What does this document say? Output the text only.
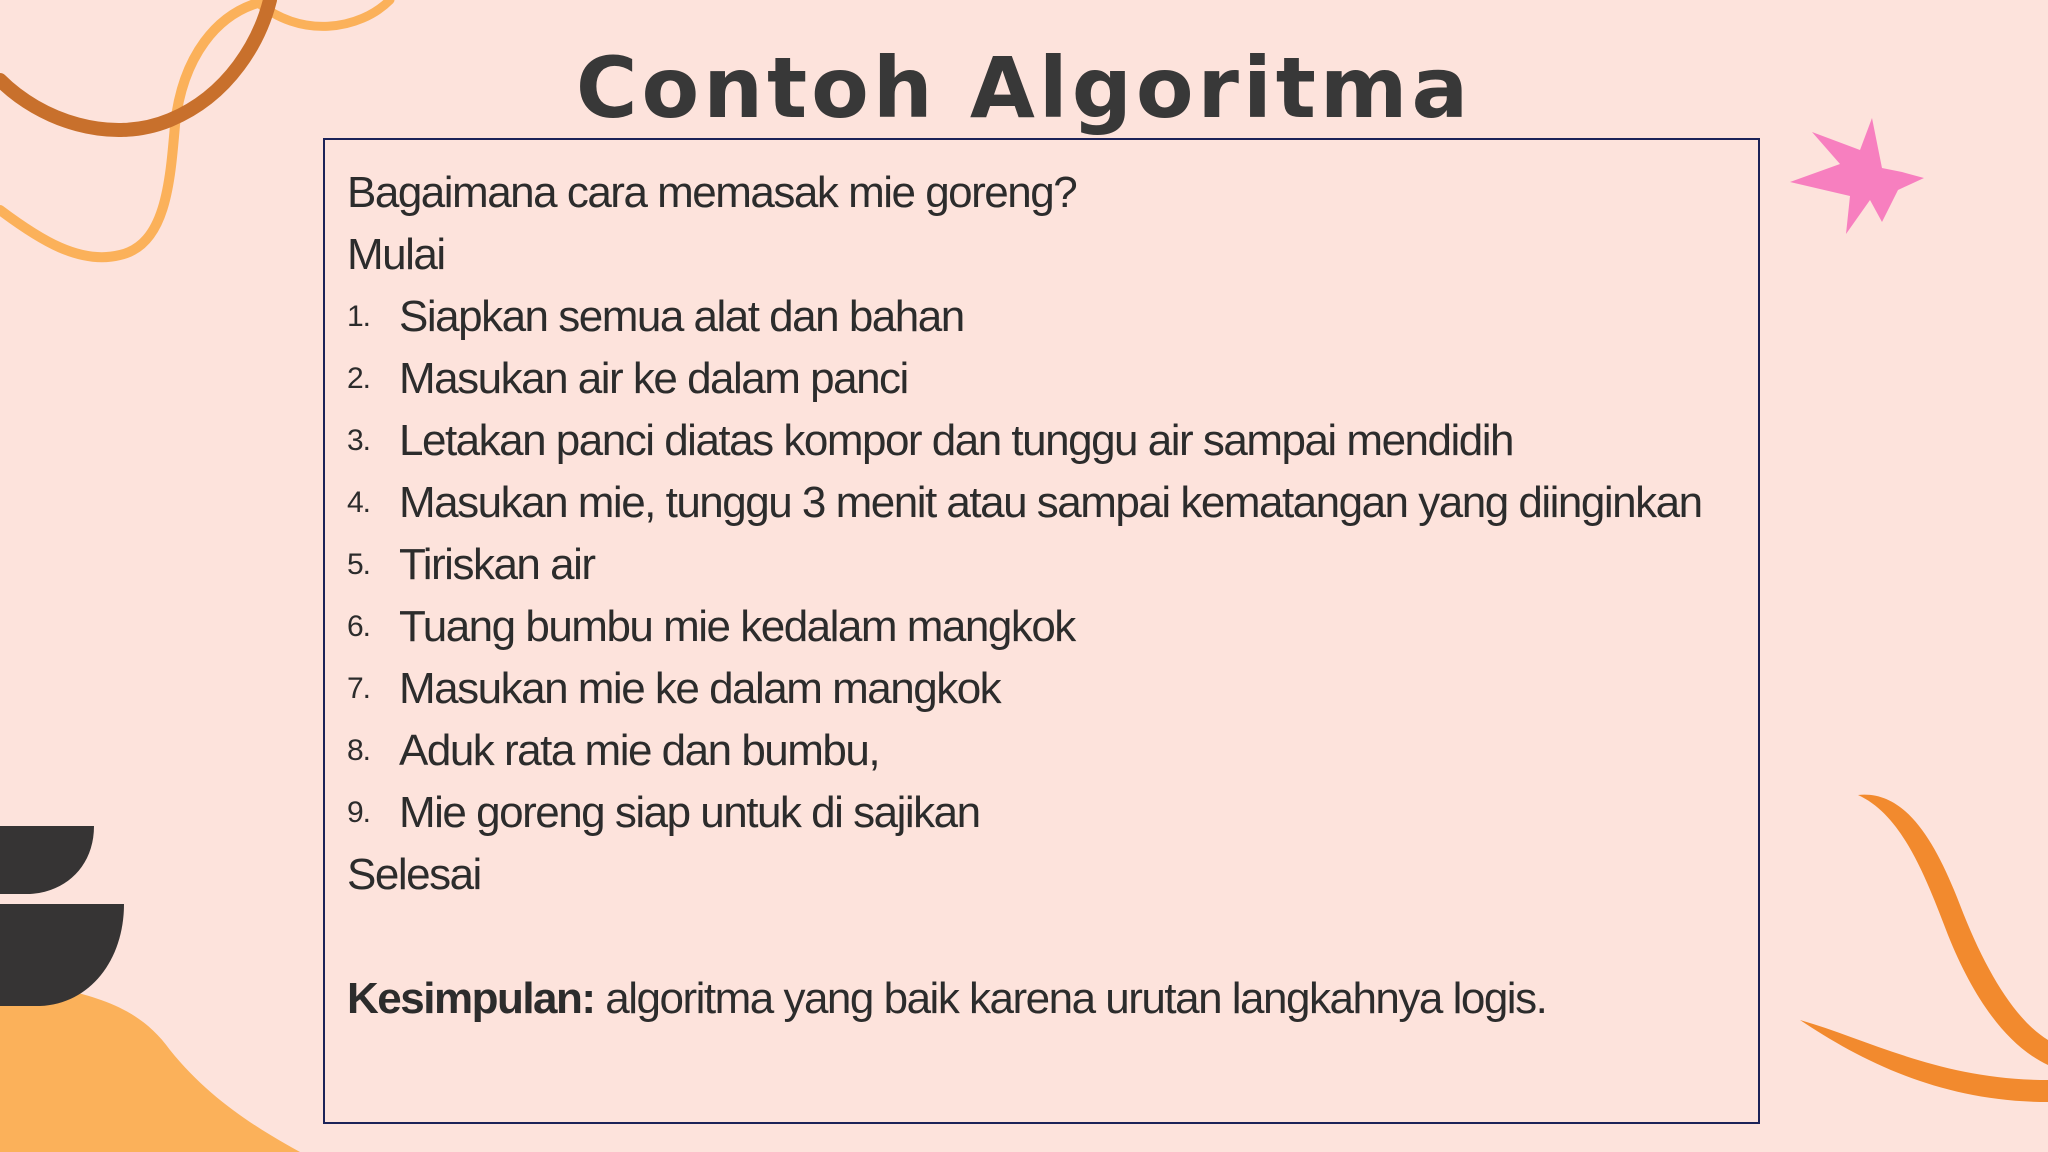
Contoh Algoritma
Bagaimana cara memasak mie goreng?
Mulai
1. Siapkan semua alat dan bahan
2. Masukan air ke dalam panci
3. Letakan panci diatas kompor dan tunggu air sampai mendidih
4. Masukan mie, tunggu 3 menit atau sampai kematangan yang diinginkan
5. Tiriskan air
6. Tuang bumbu mie kedalam mangkok
7. Masukan mie ke dalam mangkok
8. Aduk rata mie dan bumbu,
9. Mie goreng siap untuk di sajikan
Selesai
Kesimpulan: algoritma yang baik karena urutan langkahnya logis.
